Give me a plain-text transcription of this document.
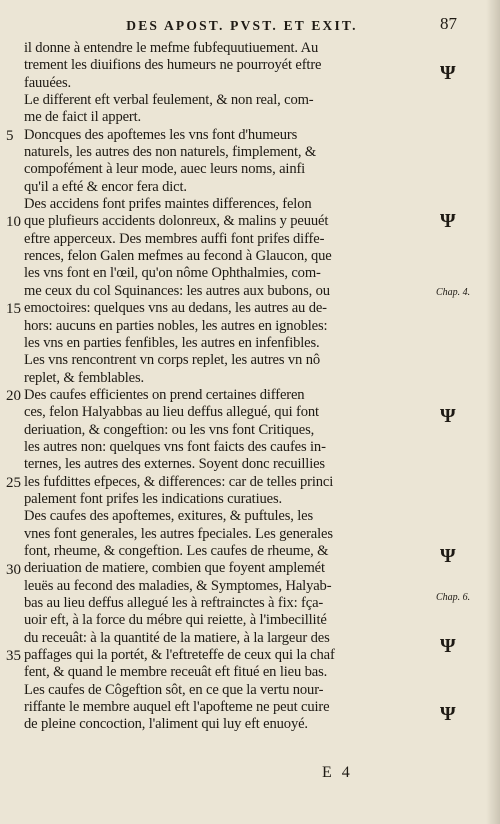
DES APOST. PVST. ET EXIT.	87
il donne à entendre le mefme fubfequutiuement. Au
trement les diuifions des humeurs ne pourroyét eftre
fauuées.
Le different eft verbal feulement, & non real, com-
me de faict il appert.
Doncques des apoftemes les vns font d'humeurs
naturels, les autres des non naturels, fimplement, &
compofément à leur mode, auec leurs noms, ainfi
qu'il a efté & encor fera dict.
Des accidens font prifes maintes differences, felon
que plufieurs accidents dolonreux, & malins y peuuét
eftre apperceux. Des membres auffi font prifes diffe-
rences, felon Galen mefmes au fecond à Glaucon, que
les vns font en l'œil, qu'on nôme Ophthalmies, com-
me ceux du col Squinances: les autres aux bubons, ou
emoctoires: quelques vns au dedans, les autres au de-
hors: aucuns en parties nobles, les autres en ignobles:
les vns en parties fenfibles, les autres en infenfibles.
Les vns rencontrent vn corps replet, les autres vn nô
replet, & femblables.
Des caufes efficientes on prend certaines differen
ces, felon Halyabbas au lieu deffus allegué, qui font
deriuation, & congeftion: ou les vns font Critiques,
les autres non: quelques vns font faicts des caufes in-
ternes, les autres des externes. Soyent donc recuillies
les fufdittes efpeces, & differences: car de telles princi
palement font prifes les indications curatiues.
Des caufes des apoftemes, exitures, & puftules, les
vnes font generales, les autres fpeciales. Les generales
font, rheume, & congeftion. Les caufes de rheume, &
deriuation de matiere, combien que foyent amplemét
leuës au fecond des maladies, & Symptomes, Halyab-
bas au lieu deffus allegué les à reftrainctes à fix: fça-
uoir eft, à la force du mébre qui reiette, à l'imbecillité
du receuât: à la quantité de la matiere, à la largeur des
paffages qui la portét, & l'eftreteffe de ceux qui la chaf
fent, & quand le membre receuât eft fitué en lieu bas.
Les caufes de Côgeftion sôt, en ce que la vertu nour-
riffante le membre auquel eft l'apofteme ne peut cuire
de pleine concoction, l'aliment qui luy eft enuoyé.
5
10
15
20
25
30
35
Ψ
Ψ
Ψ
Ψ
Ψ
Ψ
Chap. 4.
Chap. 6.
E 4
